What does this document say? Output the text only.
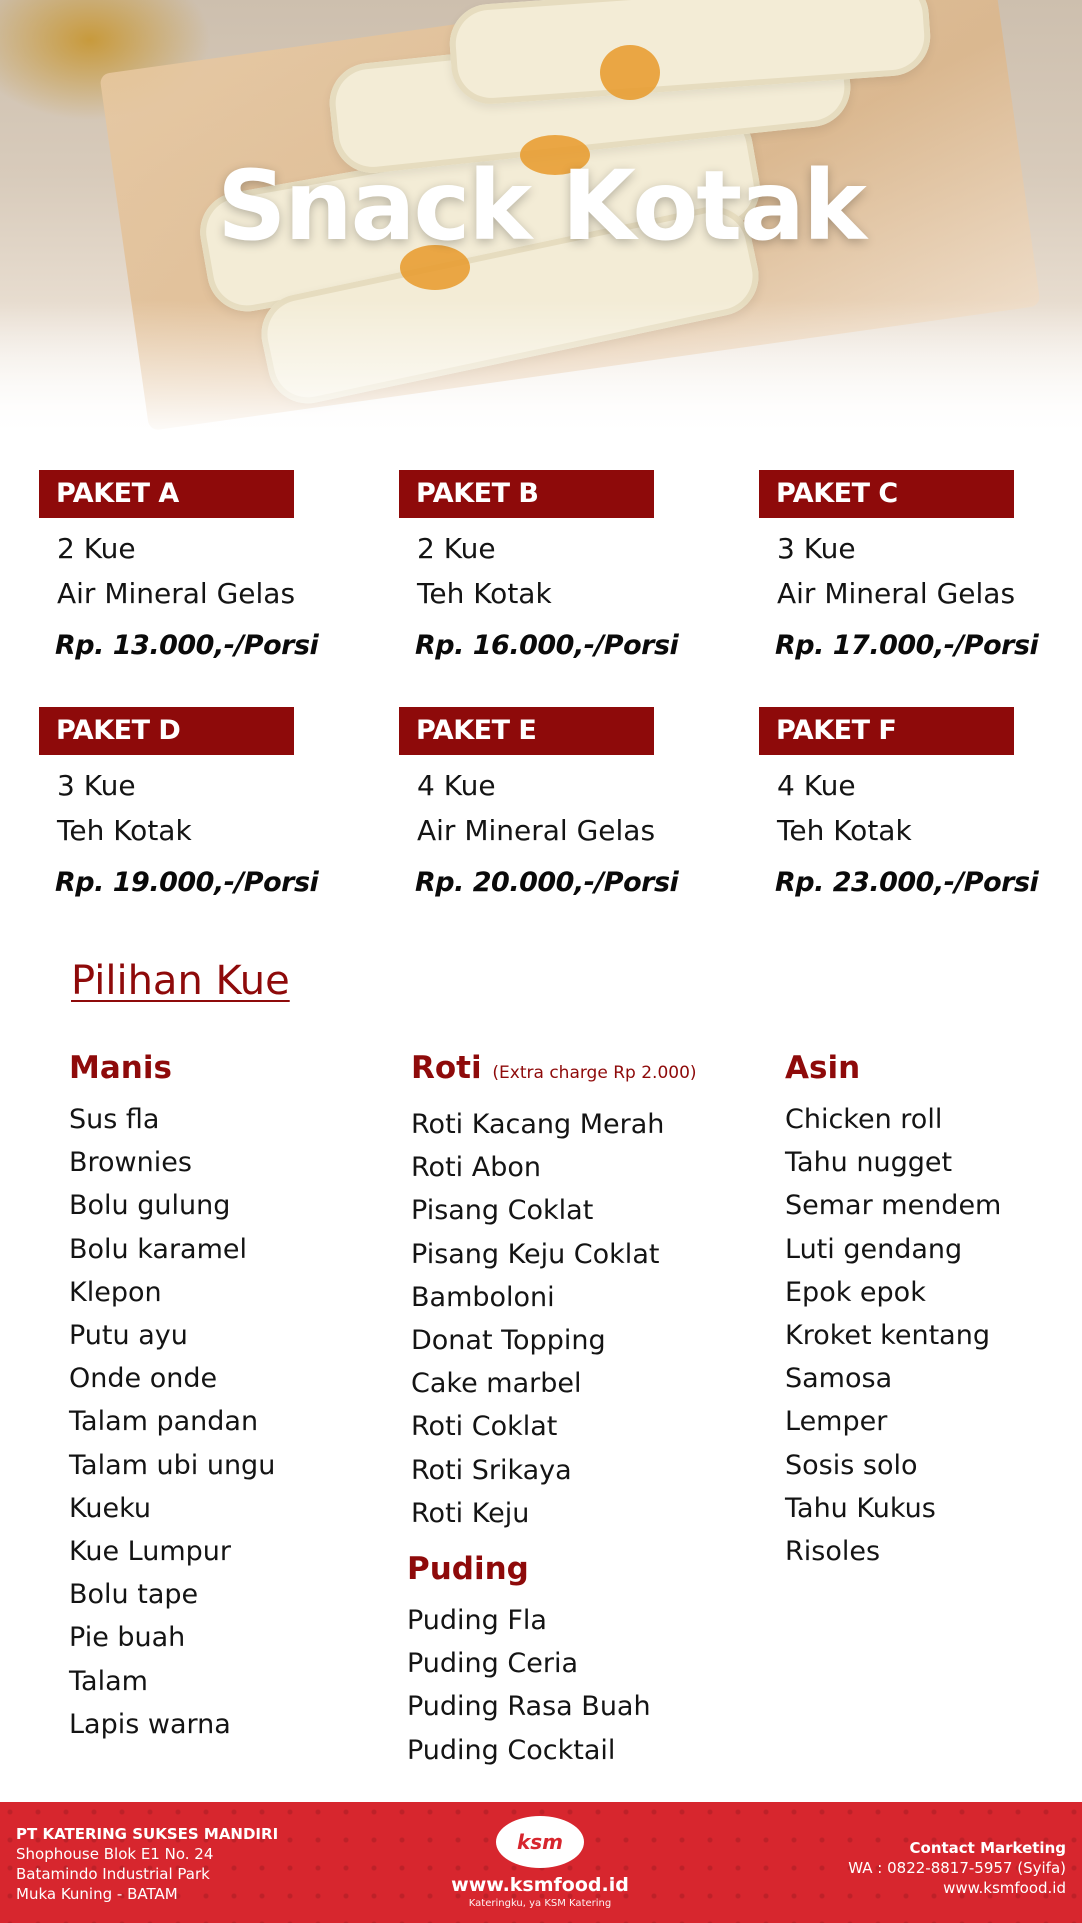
Snack Kotak
PAKET A
2 Kue
Air Mineral Gelas
Rp. 13.000,-/Porsi
PAKET B
2 Kue
Teh Kotak
Rp. 16.000,-/Porsi
PAKET C
3 Kue
Air Mineral Gelas
Rp. 17.000,-/Porsi
PAKET D
3 Kue
Teh Kotak
Rp. 19.000,-/Porsi
PAKET E
4 Kue
Air Mineral Gelas
Rp. 20.000,-/Porsi
PAKET F
4 Kue
Teh Kotak
Rp. 23.000,-/Porsi
Pilihan Kue
Manis
Sus fla
Brownies
Bolu gulung
Bolu karamel
Klepon
Putu ayu
Onde onde
Talam pandan
Talam ubi ungu
Kueku
Kue Lumpur
Bolu tape
Pie buah
Talam
Lapis warna
Roti (Extra charge Rp 2.000)
Roti Kacang Merah
Roti Abon
Pisang Coklat
Pisang Keju Coklat
Bamboloni
Donat Topping
Cake marbel
Roti Coklat
Roti Srikaya
Roti Keju
Puding
Puding Fla
Puding Ceria
Puding Rasa Buah
Puding Cocktail
Asin
Chicken roll
Tahu nugget
Semar mendem
Luti gendang
Epok epok
Kroket kentang
Samosa
Lemper
Sosis solo
Tahu Kukus
Risoles
PT KATERING SUKSES MANDIRI
Shophouse Blok E1 No. 24
Batamindo Industrial Park
Muka Kuning - BATAM
ksm
www.ksmfood.id
Kateringku, ya KSM Katering
Contact Marketing
WA : 0822-8817-5957 (Syifa)
www.ksmfood.id
